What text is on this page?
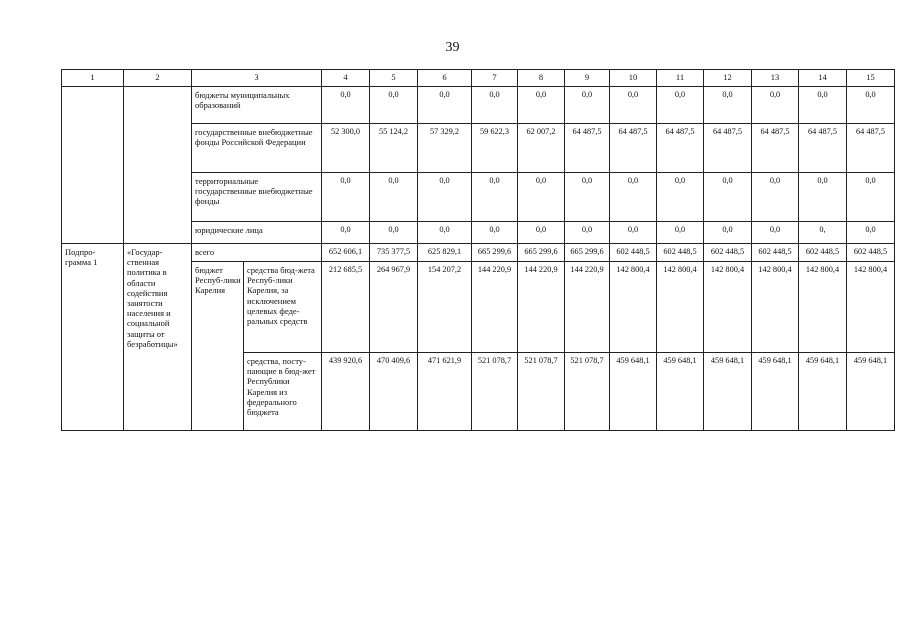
39
1	2	3		4	5	6	7	8	9	10	11	12	13	14	15
		бюджеты муниципальных образований		0,0	0,0	0,0	0,0	0,0	0,0	0,0	0,0	0,0	0,0	0,0	0,0
		государственные внебюджетные фонды Российской Федерации		52 300,0	55 124,2	57 329,2	59 622,3	62 007,2	64 487,5	64 487,5	64 487,5	64 487,5	64 487,5	64 487,5	64 487,5
		территориальные государственные внебюджетные фонды		0,0	0,0	0,0	0,0	0,0	0,0	0,0	0,0	0,0	0,0	0,0	0,0
		юридические лица		0,0	0,0	0,0	0,0	0,0	0,0	0,0	0,0	0,0	0,0	0,	0,0
Подпро-грамма 1	«Государ-ственная политика в области содействия занятости населения и социальной защиты от безработицы»	всего		652 606,1	735 377,5	625 829,1	665 299,6	665 299,6	665 299,6	602 448,5	602 448,5	602 448,5	602 448,5	602 448,5	602 448,5
		бюджет Респуб-лики Карелия	средства бюд-жета Респуб-лики Карелия, за исключением целевых феде-ральных средств	212 685,5	264 967,9	154 207,2	144 220,9	144 220,9	144 220,9	142 800,4	142 800,4	142 800,4	142 800,4	142 800,4	142 800,4
			средства, посту-пающие в бюд-жет Республики Карелия из федерального бюджета	439 920,6	470 409,6	471 621,9	521 078,7	521 078,7	521 078,7	459 648,1	459 648,1	459 648,1	459 648,1	459 648,1	459 648,1
